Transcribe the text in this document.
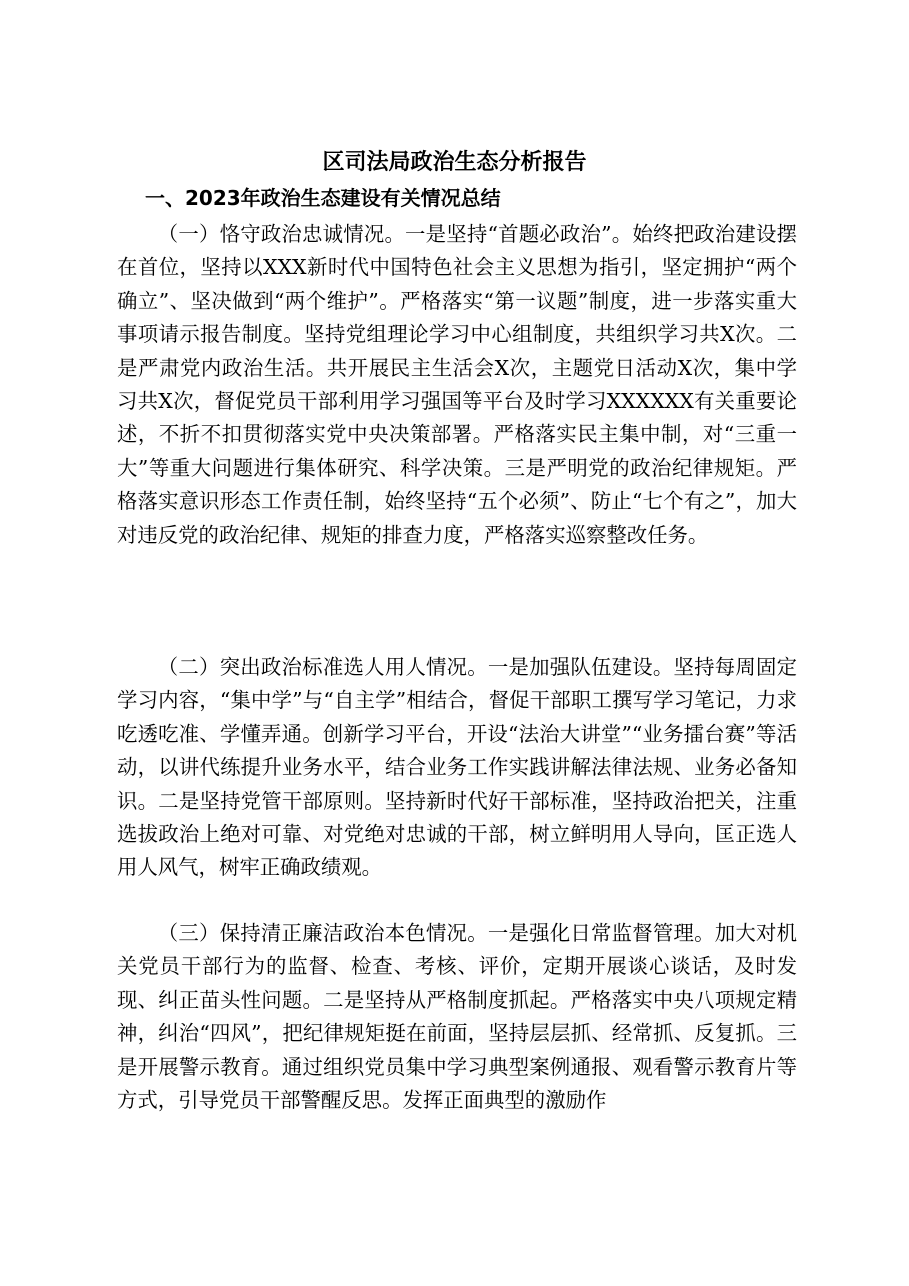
区司法局政治生态分析报告
一、2023年政治生态建设有关情况总结

（一）恪守政治忠诚情况。一是坚持“首题必政治”。始终把政治建设摆在首位，坚持以XXX新时代中国特色社会主义思想为指引，坚定拥护“两个确立”、坚决做到“两个维护”。严格落实“第一议题”制度，进一步落实重大事项请示报告制度。坚持党组理论学习中心组制度，共组织学习共X次。二是严肃党内政治生活。共开展民主生活会X次，主题党日活动X次，集中学习共X次，督促党员干部利用学习强国等平台及时学习XXXXXX有关重要论述，不折不扣贯彻落实党中央决策部署。严格落实民主集中制，对“三重一大”等重大问题进行集体研究、科学决策。三是严明党的政治纪律规矩。严格落实意识形态工作责任制，始终坚持“五个必须”、防止“七个有之”，加大对违反党的政治纪律、规矩的排查力度，严格落实巡察整改任务。

（二）突出政治标准选人用人情况。一是加强队伍建设。坚持每周固定学习内容，“集中学”与“自主学”相结合，督促干部职工撰写学习笔记，力求吃透吃准、学懂弄通。创新学习平台，开设“法治大讲堂”“业务擂台赛”等活动，以讲代练提升业务水平，结合业务工作实践讲解法律法规、业务必备知识。二是坚持党管干部原则。坚持新时代好干部标准，坚持政治把关，注重选拔政治上绝对可靠、对党绝对忠诚的干部，树立鲜明用人导向，匡正选人用人风气，树牢正确政绩观。

（三）保持清正廉洁政治本色情况。一是强化日常监督管理。加大对机关党员干部行为的监督、检查、考核、评价，定期开展谈心谈话，及时发现、纠正苗头性问题。二是坚持从严格制度抓起。严格落实中央八项规定精神，纠治“四风”，把纪律规矩挺在前面，坚持层层抓、经常抓、反复抓。三是开展警示教育。通过组织党员集中学习典型案例通报、观看警示教育片等方式，引导党员干部警醒反思。发挥正面典型的激励作
